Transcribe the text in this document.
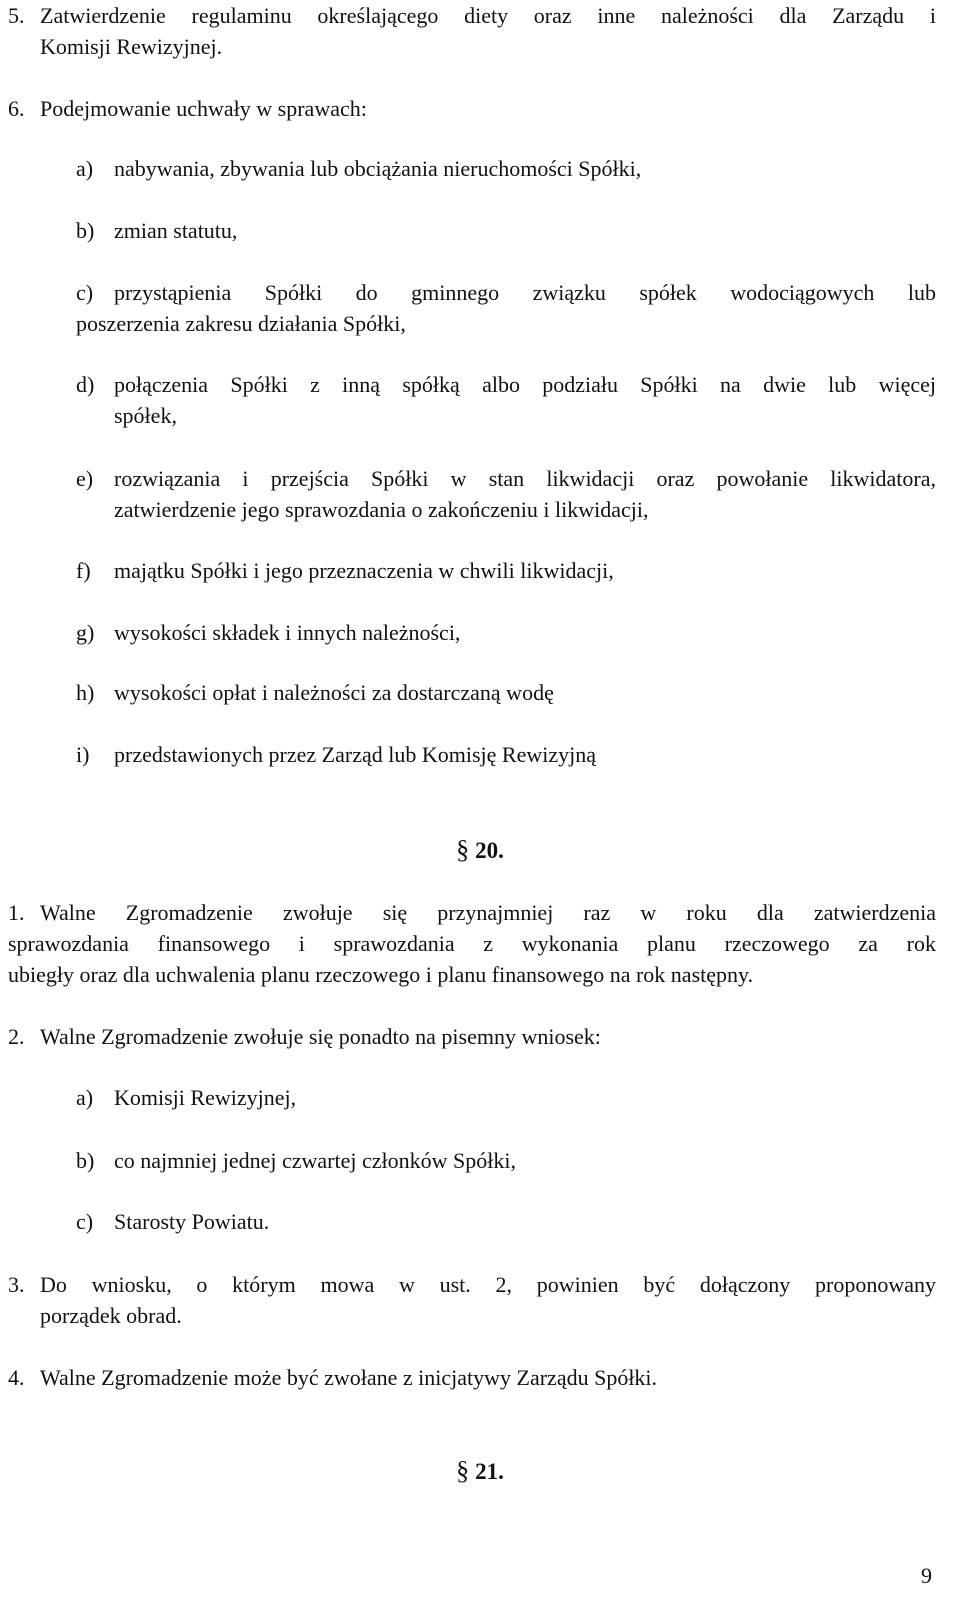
5. Zatwierdzenie regulaminu określającego diety oraz inne należności dla Zarządu i
Komisji Rewizyjnej.
6. Podejmowanie uchwały w sprawach:
a) nabywania, zbywania lub obciążania nieruchomości Spółki,
b) zmian statutu,
c) przystąpienia Spółki do gminnego związku spółek wodociągowych lub
poszerzenia zakresu działania Spółki,
d) połączenia Spółki z inną spółką albo podziału Spółki na dwie lub więcej
spółek,
e) rozwiązania i przejścia Spółki w stan likwidacji oraz powołanie likwidatora,
zatwierdzenie jego sprawozdania o zakończeniu i likwidacji,
f) majątku Spółki i jego przeznaczenia w chwili likwidacji,
g) wysokości składek i innych należności,
h) wysokości opłat i należności za dostarczaną wodę
i) przedstawionych przez Zarząd lub Komisję Rewizyjną
§ 20.
1. Walne Zgromadzenie zwołuje się przynajmniej raz w roku dla zatwierdzenia
sprawozdania finansowego i sprawozdania z wykonania planu rzeczowego za rok
ubiegły oraz dla uchwalenia planu rzeczowego i planu finansowego na rok następny.
2. Walne Zgromadzenie zwołuje się ponadto na pisemny wniosek:
a) Komisji Rewizyjnej,
b) co najmniej jednej czwartej członków Spółki,
c) Starosty Powiatu.
3. Do wniosku, o którym mowa w ust. 2, powinien być dołączony proponowany
porządek obrad.
4. Walne Zgromadzenie może być zwołane z inicjatywy Zarządu Spółki.
§ 21.
9
